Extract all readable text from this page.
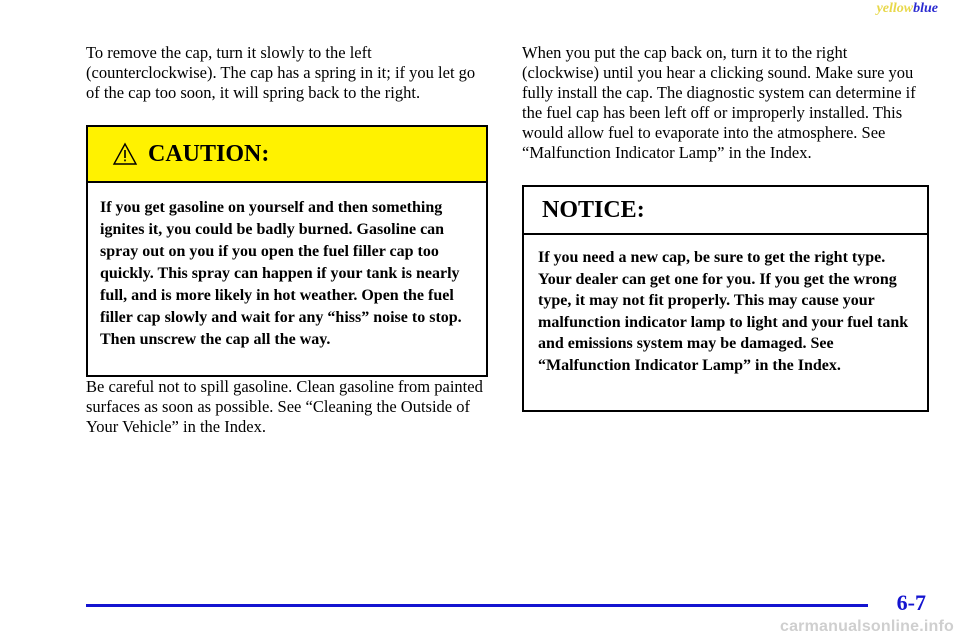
yellowblue

To remove the cap, turn it slowly to the left (counterclockwise). The cap has a spring in it; if you let go of the cap too soon, it will spring back to the right.

CAUTION:
If you get gasoline on yourself and then something ignites it, you could be badly burned. Gasoline can spray out on you if you open the fuel filler cap too quickly. This spray can happen if your tank is nearly full, and is more likely in hot weather. Open the fuel filler cap slowly and wait for any “hiss” noise to stop. Then unscrew the cap all the way.

Be careful not to spill gasoline. Clean gasoline from painted surfaces as soon as possible. See “Cleaning the Outside of Your Vehicle” in the Index.

When you put the cap back on, turn it to the right (clockwise) until you hear a clicking sound. Make sure you fully install the cap. The diagnostic system can determine if the fuel cap has been left off or improperly installed. This would allow fuel to evaporate into the atmosphere. See “Malfunction Indicator Lamp” in the Index.

NOTICE:
If you need a new cap, be sure to get the right type. Your dealer can get one for you. If you get the wrong type, it may not fit properly. This may cause your malfunction indicator lamp to light and your fuel tank and emissions system may be damaged. See “Malfunction Indicator Lamp” in the Index.
6-7
carmanualsonline.info
